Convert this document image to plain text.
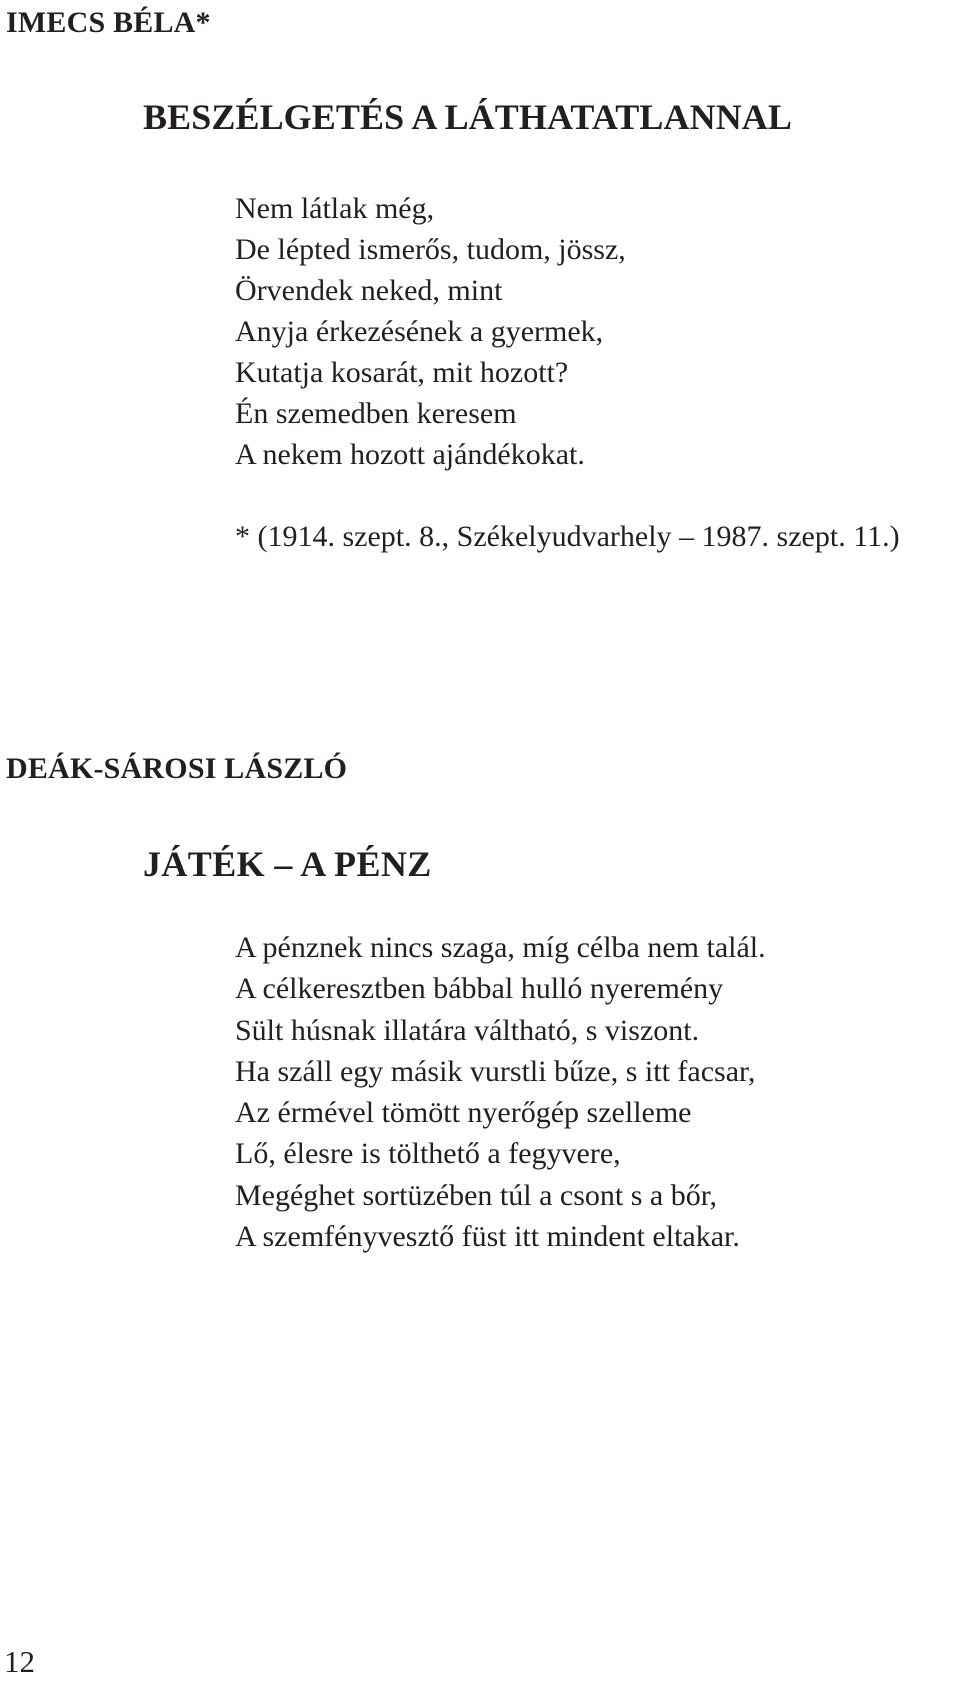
IMECS BÉLA*
BESZÉLGETÉS A LÁTHATATLANNAL
Nem látlak még,
De lépted ismerős, tudom, jössz,
Örvendek neked, mint
Anyja érkezésének a gyermek,
Kutatja kosarát, mit hozott?
Én szemedben keresem
A nekem hozott ajándékokat.

* (1914. szept. 8., Székelyudvarhely – 1987. szept. 11.)

DEÁK-SÁROSI LÁSZLÓ
JÁTÉK – A PÉNZ
A pénznek nincs szaga, míg célba nem talál.
A célkeresztben bábbal hulló nyeremény
Sült húsnak illatára váltható, s viszont.
Ha száll egy másik vurstli bűze, s itt facsar,
Az érmével tömött nyerőgép szelleme
Lő, élesre is tölthető a fegyvere,
Megéghet sortüzében túl a csont s a bőr,
A szemfényvesztő füst itt mindent eltakar.

12
